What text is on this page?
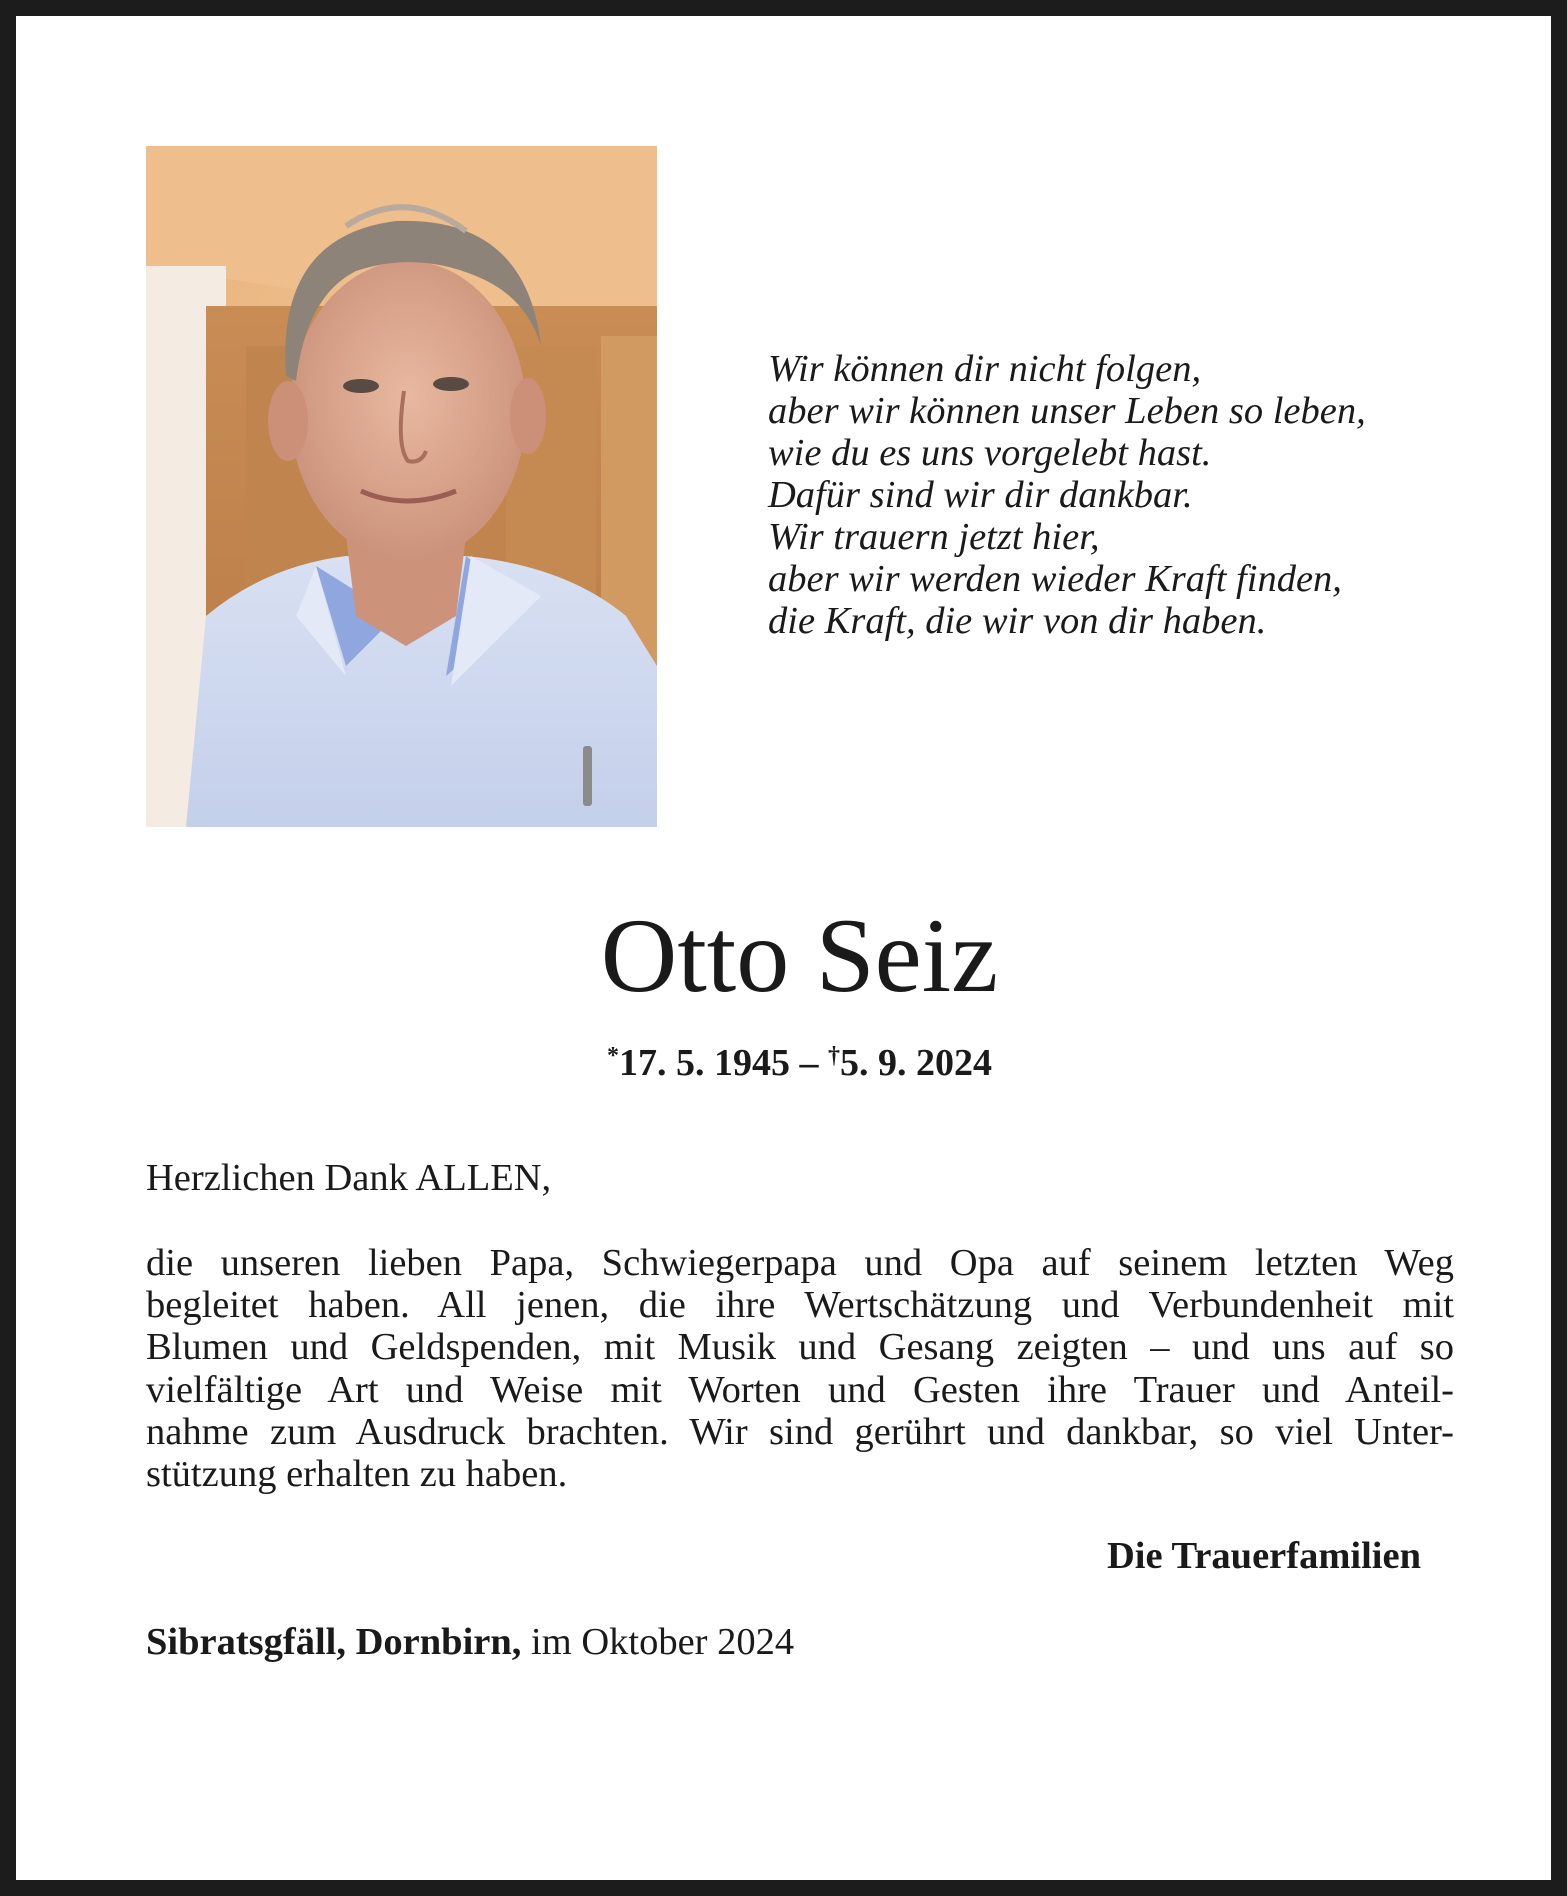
Wir können dir nicht folgen,
aber wir können unser Leben so leben,
wie du es uns vorgelebt hast.
Dafür sind wir dir dankbar.
Wir trauern jetzt hier,
aber wir werden wieder Kraft finden,
die Kraft, die wir von dir haben.
Otto Seiz
*17. 5. 1945 – †5. 9. 2024
Herzlichen Dank ALLEN,
die unseren lieben Papa, Schwiegerpapa und Opa auf seinem letzten Weg
begleitet haben. All jenen, die ihre Wertschätzung und Verbundenheit mit
Blumen und Geldspenden, mit Musik und Gesang zeigten – und uns auf so
vielfältige Art und Weise mit Worten und Gesten ihre Trauer und Anteil-
nahme zum Ausdruck brachten. Wir sind gerührt und dankbar, so viel Unter-
stützung erhalten zu haben.
Die Trauerfamilien
Sibratsgfäll, Dornbirn, im Oktober 2024
